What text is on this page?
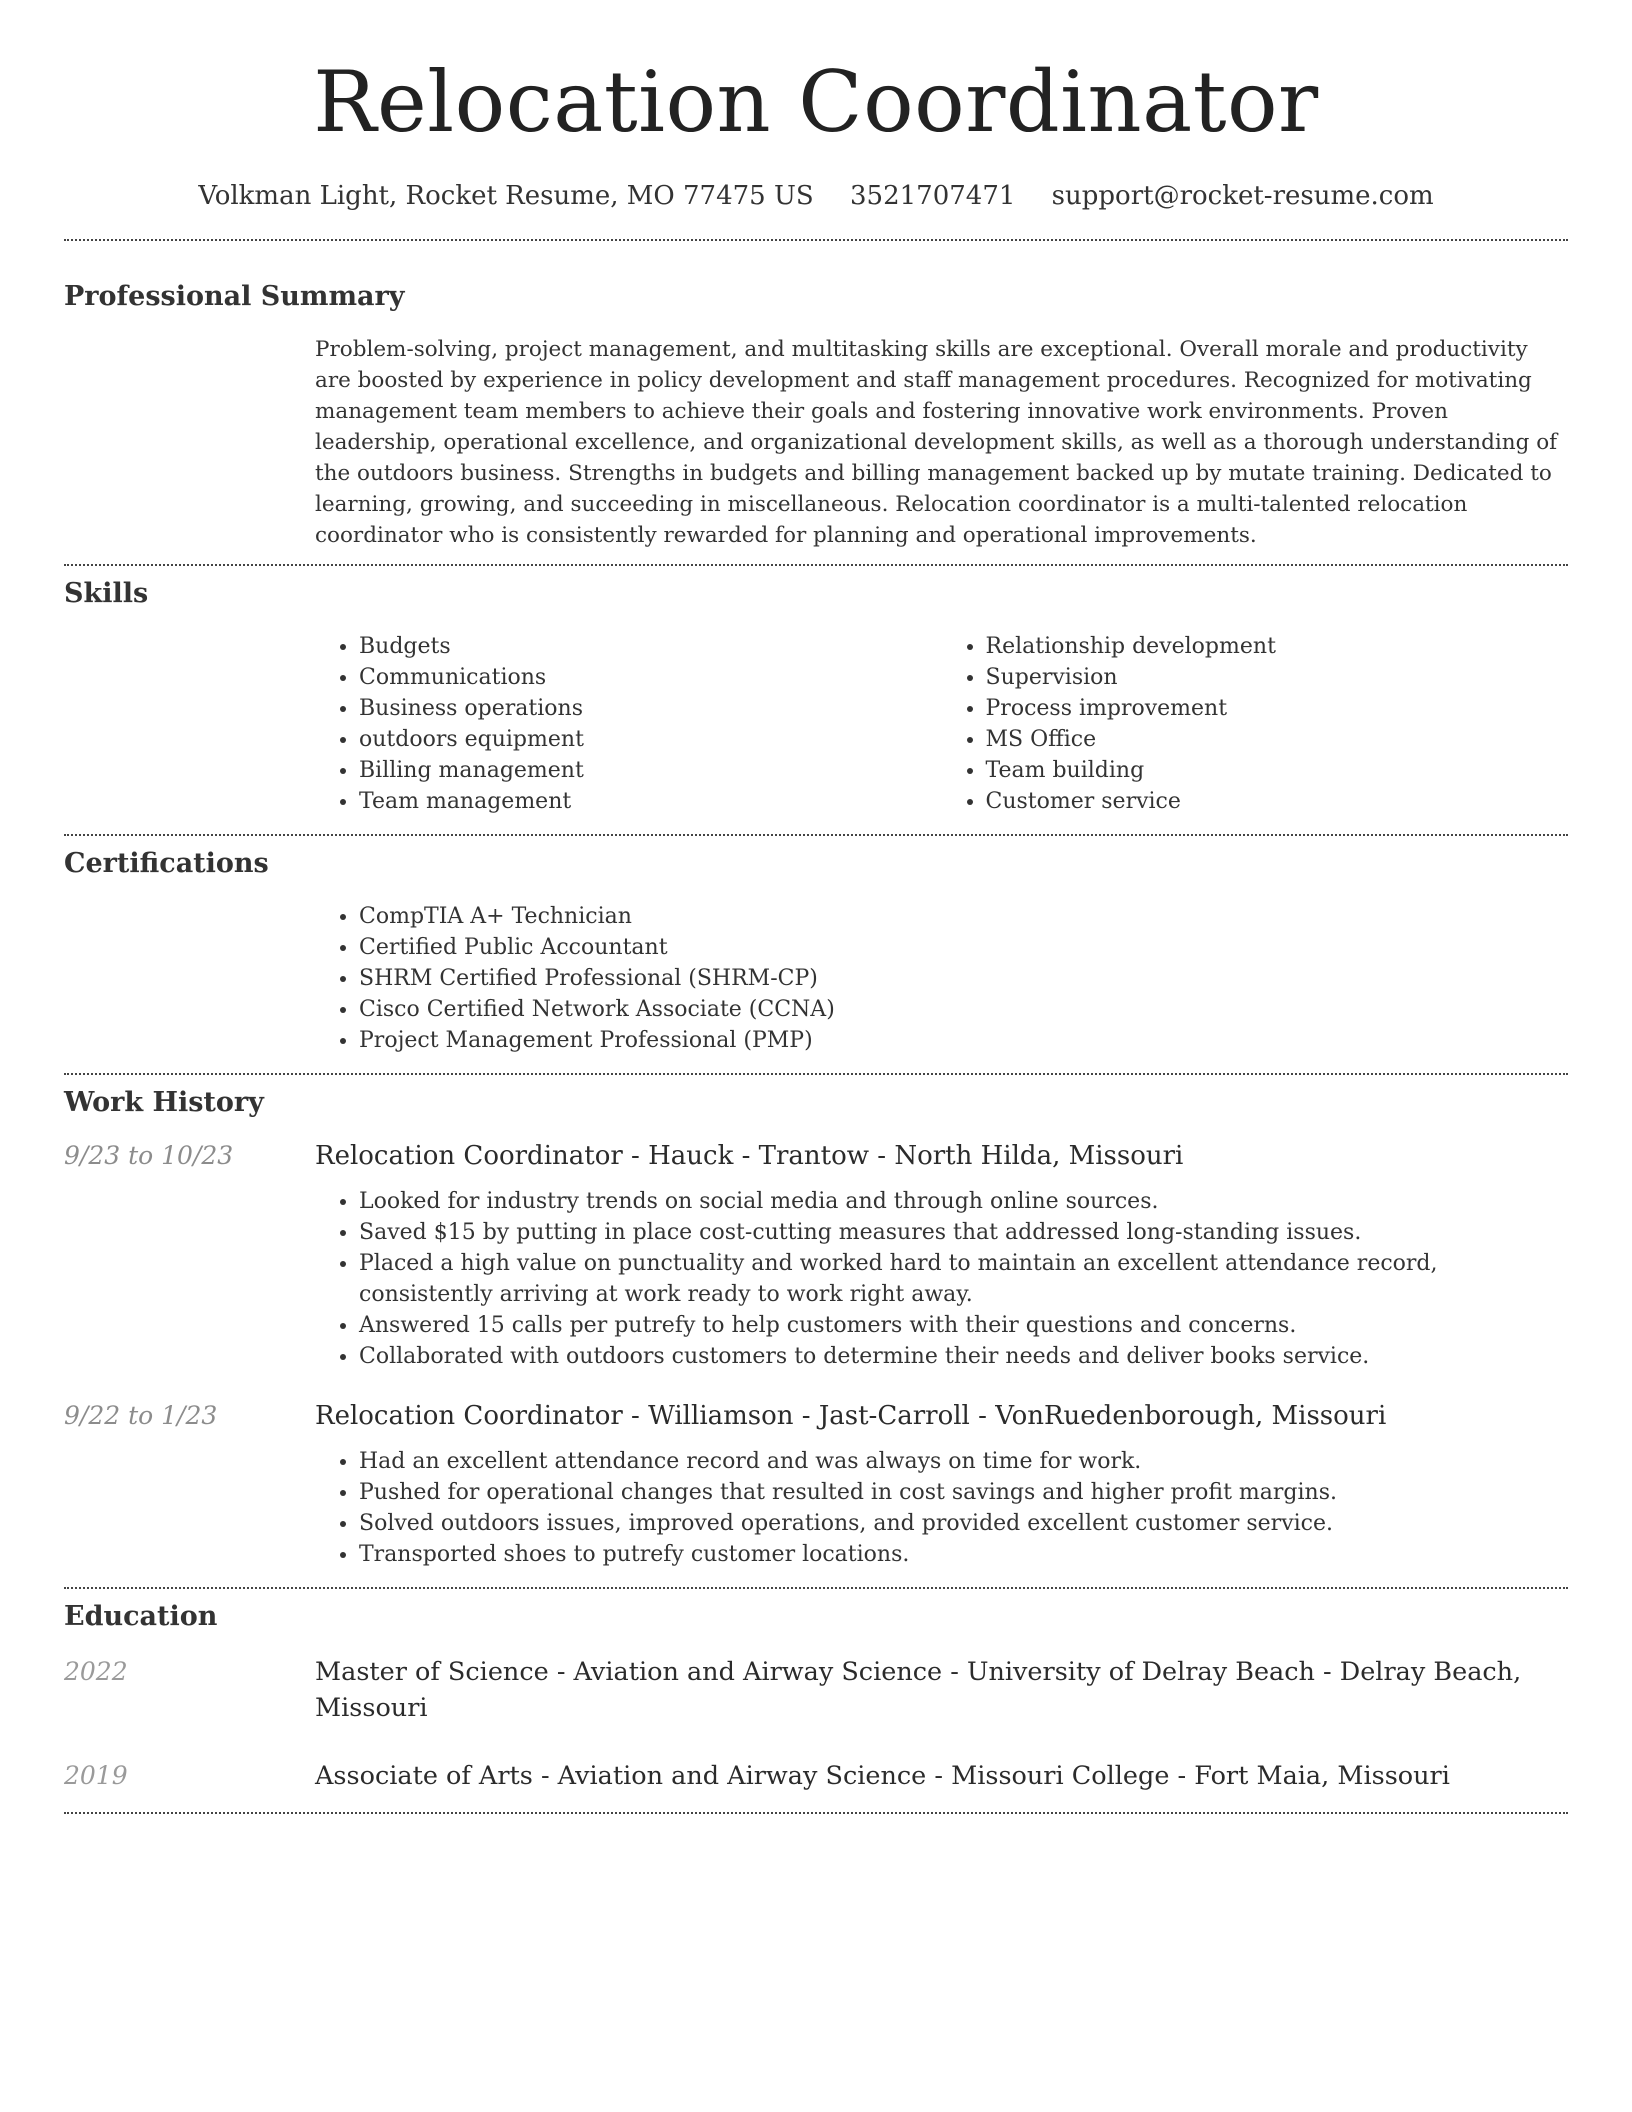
Relocation Coordinator
Volkman Light, Rocket Resume, MO 77475 US 3521707471 support@rocket-resume.com
Professional Summary

Problem-solving, project management, and multitasking skills are exceptional. Overall morale and productivity are boosted by experience in policy development and staff management procedures. Recognized for motivating management team members to achieve their goals and fostering innovative work environments. Proven leadership, operational excellence, and organizational development skills, as well as a thorough understanding of the outdoors business. Strengths in budgets and billing management backed up by mutate training. Dedicated to learning, growing, and succeeding in miscellaneous. Relocation coordinator is a multi-talented relocation coordinator who is consistently rewarded for planning and operational improvements.

Skills
• Budgets
• Communications
• Business operations
• outdoors equipment
• Billing management
• Team management
• Relationship development
• Supervision
• Process improvement
• MS Office
• Team building
• Customer service
Certifications
• CompTIA A+ Technician
• Certified Public Accountant
• SHRM Certified Professional (SHRM-CP)
• Cisco Certified Network Associate (CCNA)
• Project Management Professional (PMP)
Work History
9/23 to 10/23	Relocation Coordinator - Hauck - Trantow - North Hilda, Missouri
• Looked for industry trends on social media and through online sources.
• Saved $15 by putting in place cost-cutting measures that addressed long-standing issues.
• Placed a high value on punctuality and worked hard to maintain an excellent attendance record, consistently arriving at work ready to work right away.
• Answered 15 calls per putrefy to help customers with their questions and concerns.
• Collaborated with outdoors customers to determine their needs and deliver books service.
9/22 to 1/23	Relocation Coordinator - Williamson - Jast-Carroll - VonRuedenborough, Missouri
• Had an excellent attendance record and was always on time for work.
• Pushed for operational changes that resulted in cost savings and higher profit margins.
• Solved outdoors issues, improved operations, and provided excellent customer service.
• Transported shoes to putrefy customer locations.
Education
2022	Master of Science - Aviation and Airway Science - University of Delray Beach - Delray Beach, Missouri
2019	Associate of Arts - Aviation and Airway Science - Missouri College - Fort Maia, Missouri
